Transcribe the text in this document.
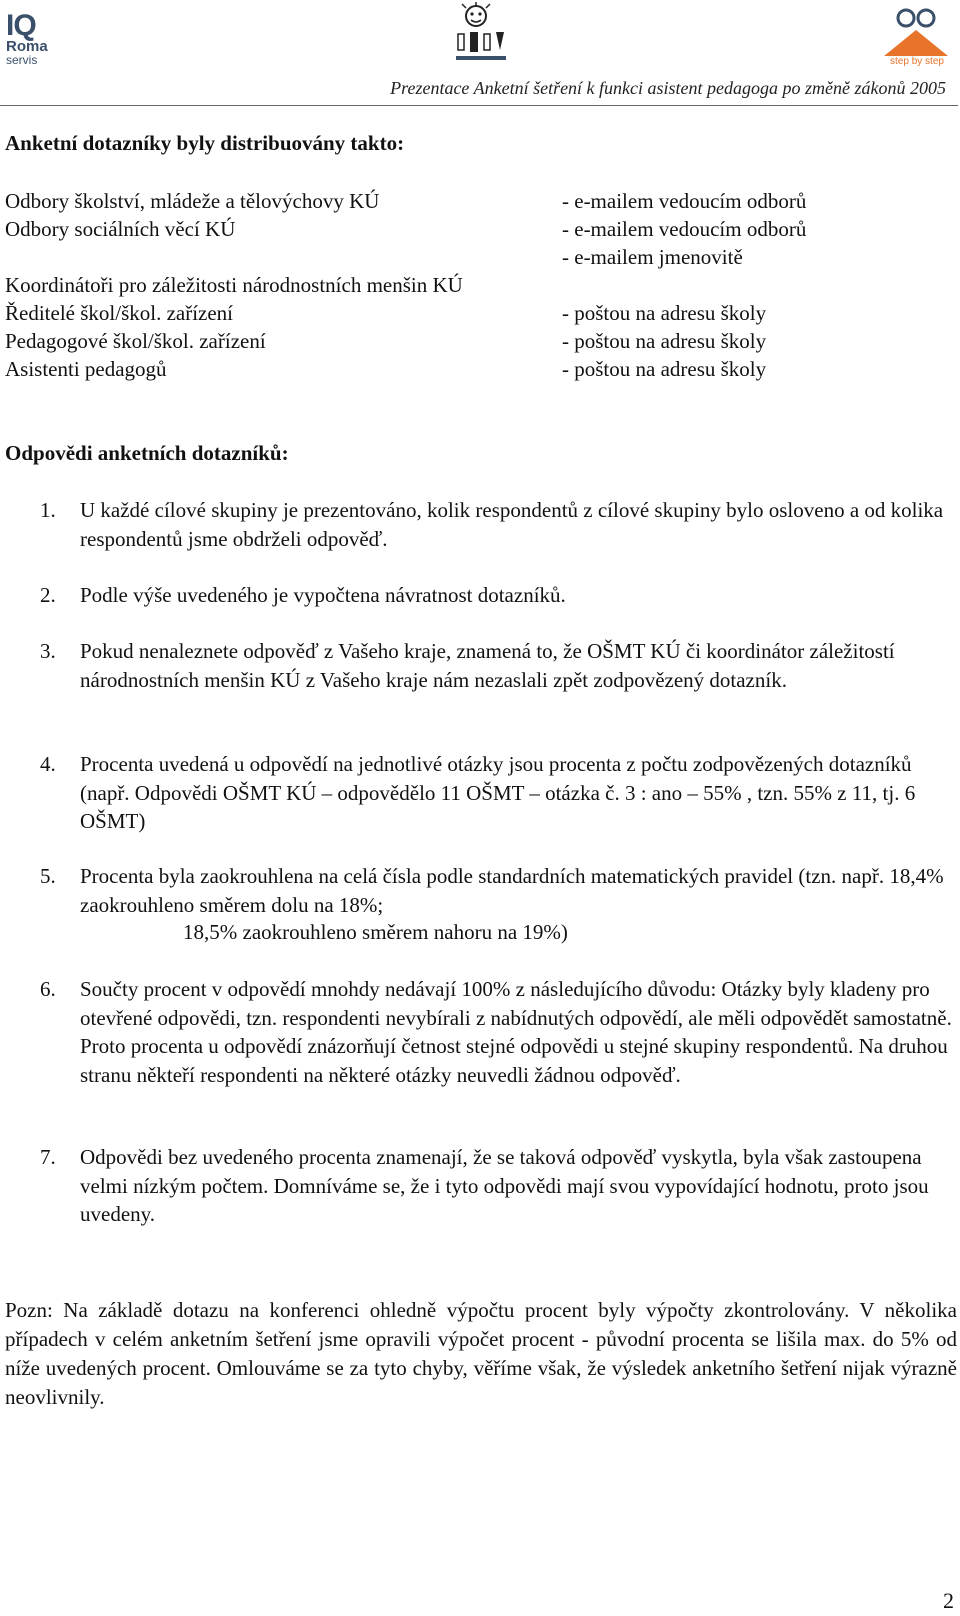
IQ
Roma
servis	step by step
Prezentace Anketní šetření k funkci asistent pedagoga po změně zákonů 2005
Anketní dotazníky byly distribuovány takto:
Odbory školství, mládeže a tělovýchovy KÚ
Odbory sociálních věcí KÚ
Koordinátoři pro záležitosti národnostních menšin KÚ
Ředitelé škol/škol. zařízení
Pedagogové škol/škol. zařízení
Asistenti pedagogů
- e-mailem vedoucím odborů
- e-mailem vedoucím odborů
- e-mailem jmenovitě
- poštou na adresu školy
- poštou na adresu školy
- poštou na adresu školy
Odpovědi anketních dotazníků:
1. U každé cílové skupiny je prezentováno, kolik respondentů z cílové skupiny bylo osloveno a od kolika respondentů jsme obdrželi odpověď.
2. Podle výše uvedeného je vypočtena návratnost dotazníků.
3. Pokud nenaleznete odpověď z Vašeho kraje, znamená to, že OŠMT KÚ či koordinátor záležitostí národnostních menšin KÚ z Vašeho kraje nám nezaslali zpět zodpovězený dotazník.
4. Procenta uvedená u odpovědí na jednotlivé otázky jsou procenta z počtu zodpovězených dotazníků (např. Odpovědi OŠMT KÚ – odpovědělo 11 OŠMT – otázka č. 3 : ano – 55% , tzn. 55% z 11, tj. 6 OŠMT)
5. Procenta byla zaokrouhlena na celá čísla podle standardních matematických pravidel (tzn. např. 18,4% zaokrouhleno směrem dolu na 18%;
18,5% zaokrouhleno směrem nahoru na 19%)
6. Součty procent v odpovědí mnohdy nedávají 100% z následujícího důvodu: Otázky byly kladeny pro otevřené odpovědi, tzn. respondenti nevybírali z nabídnutých odpovědí, ale měli odpovědět samostatně. Proto procenta u odpovědí znázorňují četnost stejné odpovědi u stejné skupiny respondentů. Na druhou stranu někteří respondenti na některé otázky neuvedli žádnou odpověď.
7. Odpovědi bez uvedeného procenta znamenají, že se taková odpověď vyskytla, byla však zastoupena velmi nízkým počtem. Domníváme se, že i tyto odpovědi mají svou vypovídající hodnotu, proto jsou uvedeny.
Pozn: Na základě dotazu na konferenci ohledně výpočtu procent byly výpočty zkontrolovány. V několika případech v celém anketním šetření jsme opravili výpočet procent - původní procenta se lišila max. do 5% od níže uvedených procent. Omlouváme se za tyto chyby, věříme však, že výsledek anketního šetření nijak výrazně neovlivnily.
2
